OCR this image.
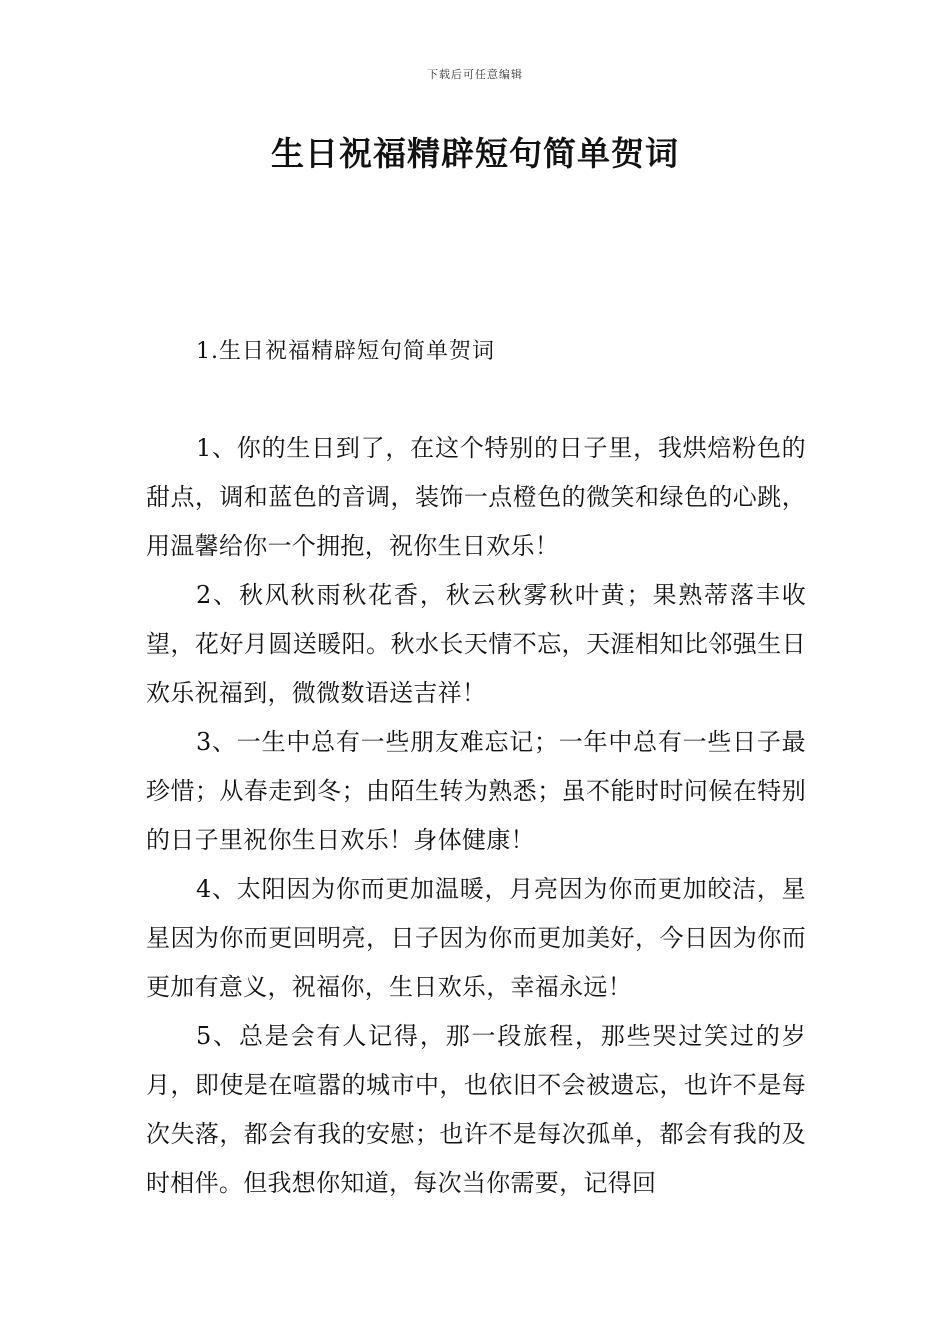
下载后可任意编辑
生日祝福精辟短句简单贺词
1.生日祝福精辟短句简单贺词

1、你的生日到了，在这个特别的日子里，我烘焙粉色的甜点，调和蓝色的音调，装饰一点橙色的微笑和绿色的心跳，用温馨给你一个拥抱，祝你生日欢乐！

2、秋风秋雨秋花香，秋云秋雾秋叶黄；果熟蒂落丰收望，花好月圆送暖阳。秋水长天情不忘，天涯相知比邻强生日欢乐祝福到，微微数语送吉祥！

3、一生中总有一些朋友难忘记；一年中总有一些日子最珍惜；从春走到冬；由陌生转为熟悉；虽不能时时问候在特别的日子里祝你生日欢乐！身体健康！

4、太阳因为你而更加温暖，月亮因为你而更加皎洁，星星因为你而更回明亮，日子因为你而更加美好，今日因为你而更加有意义，祝福你，生日欢乐，幸福永远！

5、总是会有人记得，那一段旅程，那些哭过笑过的岁月，即使是在喧嚣的城市中，也依旧不会被遗忘，也许不是每次失落，都会有我的安慰；也许不是每次孤单，都会有我的及时相伴。但我想你知道，每次当你需要，记得回
